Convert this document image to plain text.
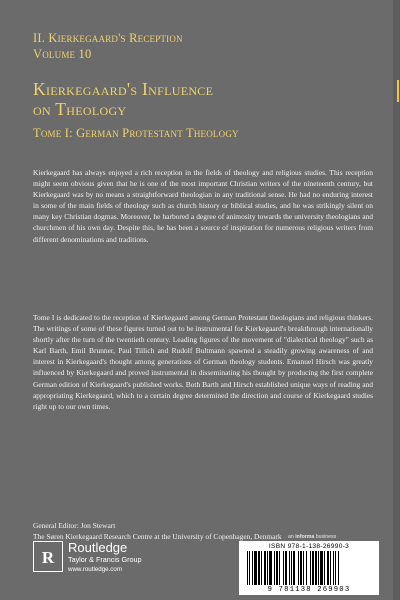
II. Kierkegaard's Reception
Volume 10
Kierkegaard's Influence
on Theology
Tome I: German Protestant Theology

Kierkegaard has always enjoyed a rich reception in the fields of theology and religious studies. This reception might seem obvious given that he is one of the most important Christian writers of the nineteenth century, but Kierkegaard was by no means a straightforward theologian in any traditional sense. He had no enduring interest in some of the main fields of theology such as church history or biblical studies, and he was strikingly silent on many key Christian dogmas. Moreover, he harbored a degree of animosity towards the university theologians and churchmen of his own day. Despite this, he has been a source of inspiration for numerous religious writers from different denominations and traditions.

Tome I is dedicated to the reception of Kierkegaard among German Protestant theologians and religious thinkers. The writings of some of these figures turned out to be instrumental for Kierkegaard's breakthrough internationally shortly after the turn of the twentieth century. Leading figures of the movement of "dialectical theology" such as Karl Barth, Emil Brunner, Paul Tillich and Rudolf Bultmann spawned a steadily growing awareness of and interest in Kierkegaard's thought among generations of German theology students. Emanuel Hirsch was greatly influenced by Kierkegaard and proved instrumental in disseminating his thought by producing the first complete German edition of Kierkegaard's published works. Both Barth and Hirsch established unique ways of reading and appropriating Kierkegaard, which to a certain degree determined the direction and course of Kierkegaard studies right up to our own times.

General Editor: Jon Stewart
The Søren Kierkegaard Research Centre at the University of Copenhagen, Denmark
R Routledge
Taylor & Francis Group
www.routledge.com
an informa business
ISBN 978-1-138-26990-3
9 781138 269903
